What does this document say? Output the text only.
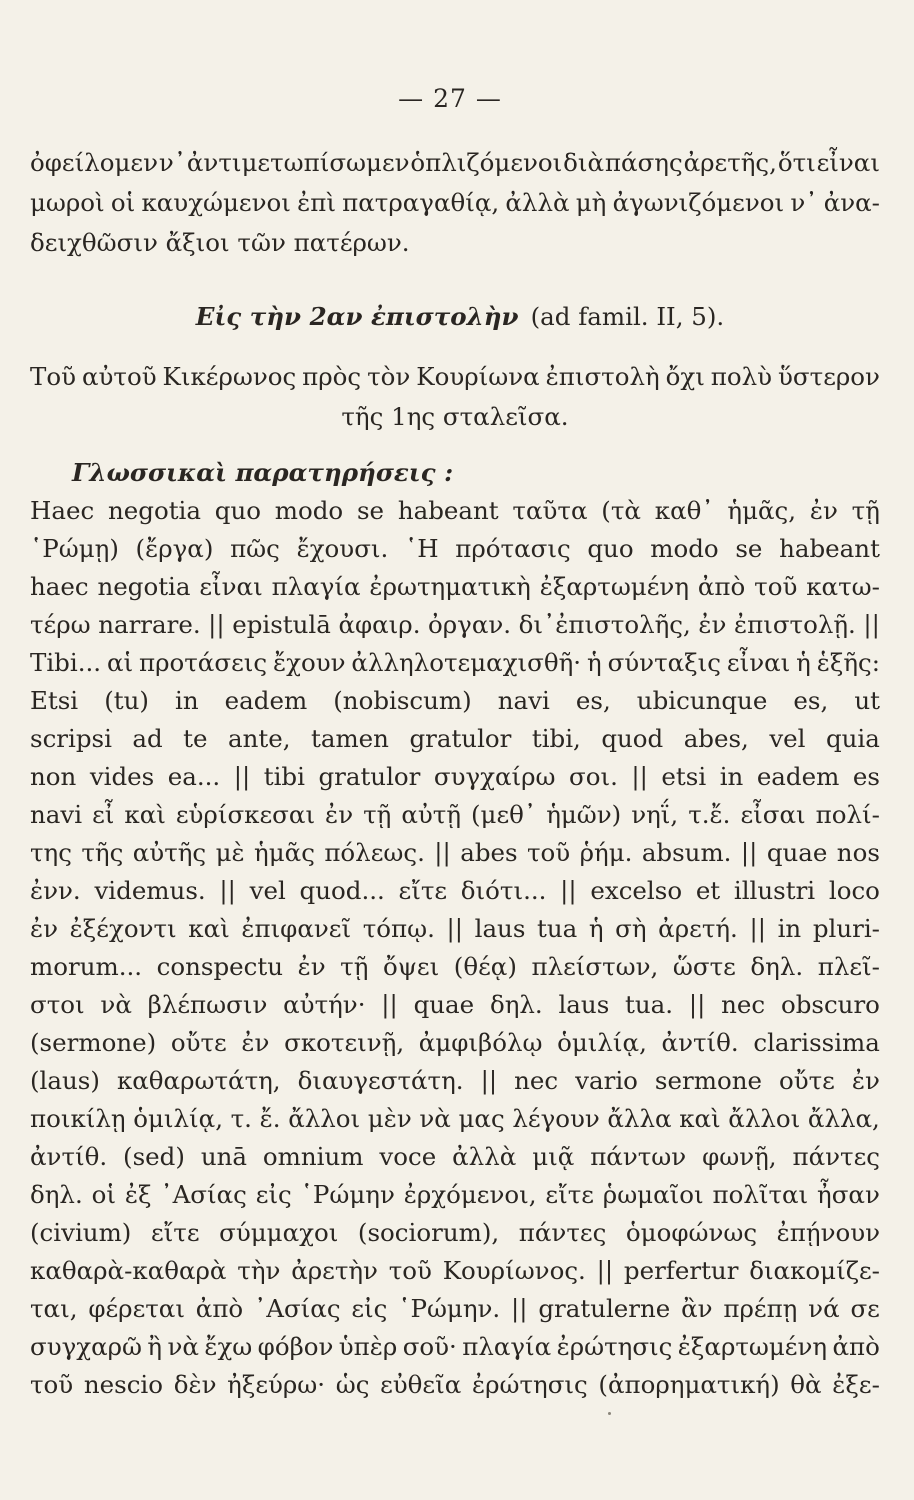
— 27 —
ὀφείλομεν ν᾽ ἀντιμετωπίσωμεν ὁπλιζόμενοι διὰ πάσης ἀρετῆς, ὅτι εἶναι
μωροὶ οἱ καυχώμενοι ἐπὶ πατραγαθίᾳ, ἀλλὰ μὴ ἀγωνιζόμενοι ν᾽ ἀνα-
δειχθῶσιν ἄξιοι τῶν πατέρων.
Εἰς τὴν 2αν ἐπιστολὴν (ad famil. II, 5).
Τοῦ αὐτοῦ Κικέρωνος πρὸς τὸν Κουρίωνα ἐπιστολὴ ὄχι πολὺ ὕστερον
τῆς 1ης σταλεῖσα.
Γλωσσικαὶ παρατηρήσεις :
Haec negotia quo modo se habeant ταῦτα (τὰ καθ᾽ ἡμᾶς, ἐν τῇ
῾Ρώμῃ) (ἔργα) πῶς ἔχουσι. ῾Η πρότασις quo modo se habeant
haec negotia εἶναι πλαγία ἐρωτηματικὴ ἐξαρτωμένη ἀπὸ τοῦ κατω-
τέρω narrare. || epistulā ἀφαιρ. ὀργαν. δι᾽ἐπιστολῆς, ἐν ἐπιστολῇ. ||
Tibi... αἱ προτάσεις ἔχουν ἀλληλοτεμαχισθῆ· ἡ σύνταξις εἶναι ἡ ἑξῆς:
Etsi (tu) in eadem (nobiscum) navi es, ubicunque es, ut
scripsi ad te ante, tamen gratulor tibi, quod abes, vel quia
non vides ea... || tibi gratulor συγχαίρω σοι. || etsi in eadem es
navi εἶ καὶ εὑρίσκεσαι ἐν τῇ αὐτῇ (μεθ᾽ ἡμῶν) νηΐ, τ.ἔ. εἶσαι πολί-
της τῆς αὐτῆς μὲ ἡμᾶς πόλεως. || abes τοῦ ῥήμ. absum. || quae nos
ἐνν. videmus. || vel quod... εἴτε διότι... || excelso et illustri loco
ἐν ἐξέχοντι καὶ ἐπιφανεῖ τόπῳ. || laus tua ἡ σὴ ἀρετή. || in pluri-
morum... conspectu ἐν τῇ ὄψει (θέᾳ) πλείστων, ὥστε δηλ. πλεῖ-
στοι νὰ βλέπωσιν αὐτήν· || quae δηλ. laus tua. || nec obscuro
(sermone) οὔτε ἐν σκοτεινῇ, ἀμφιβόλῳ ὁμιλίᾳ, ἀντίθ. clarissima
(laus) καθαρωτάτη, διαυγεστάτη. || nec vario sermone οὔτε ἐν
ποικίλῃ ὁμιλίᾳ, τ. ἔ. ἄλλοι μὲν νὰ μας λέγουν ἄλλα καὶ ἄλλοι ἄλλα,
ἀντίθ. (sed) unā omnium voce ἀλλὰ μιᾷ πάντων φωνῇ, πάντες
δηλ. οἱ ἐξ ᾽Ασίας εἰς ῾Ρώμην ἐρχόμενοι, εἴτε ῥωμαῖοι πολῖται ἦσαν
(civium) εἴτε σύμμαχοι (sociorum), πάντες ὁμοφώνως ἐπῄνουν
καθαρὰ-καθαρὰ τὴν ἀρετὴν τοῦ Κουρίωνος. || perfertur διακομίζε-
ται, φέρεται ἀπὸ ᾽Ασίας εἰς ῾Ρώμην. || gratulerne ἂν πρέπῃ νά σε
συγχαρῶ ἢ νὰ ἔχω φόβον ὑπὲρ σοῦ· πλαγία ἐρώτησις ἐξαρτωμένη ἀπὸ
τοῦ nescio δὲν ἠξεύρω· ὡς εὐθεῖα ἐρώτησις (ἀπορηματική) θὰ ἐξε-
